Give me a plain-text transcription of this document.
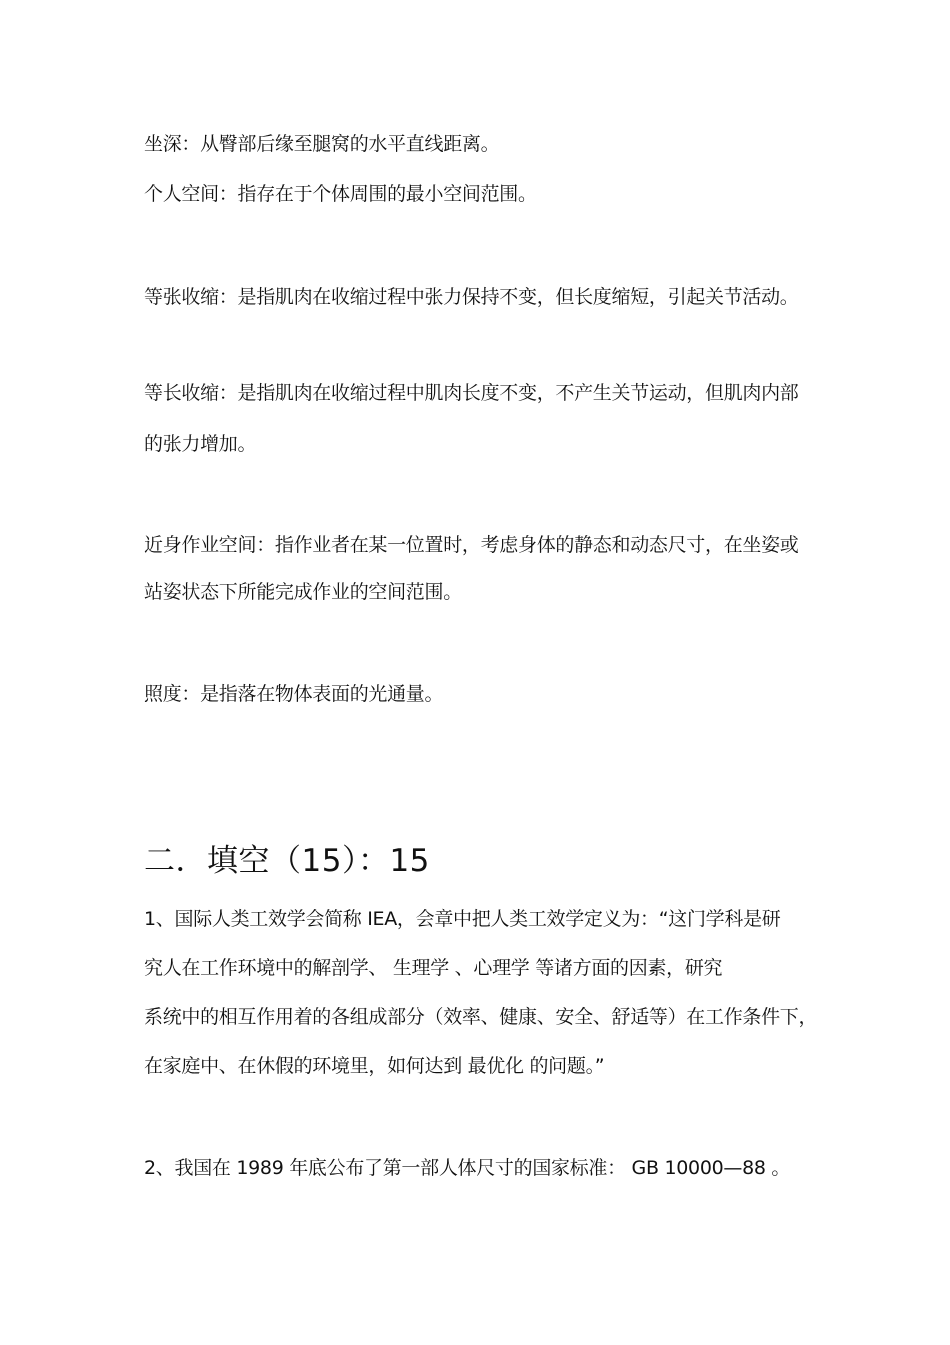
坐深：从臀部后缘至腿窝的水平直线距离。
个人空间：指存在于个体周围的最小空间范围。
等张收缩：是指肌肉在收缩过程中张力保持不变，但长度缩短，引起关节活动。
等长收缩：是指肌肉在收缩过程中肌肉长度不变，不产生关节运动，但肌肉内部
的张力增加。
近身作业空间：指作业者在某一位置时，考虑身体的静态和动态尺寸，在坐姿或
站姿状态下所能完成作业的空间范围。
照度：是指落在物体表面的光通量。
二．填空（15）：15
1、国际人类工效学会简称 IEA，会章中把人类工效学定义为：“这门学科是研
究人在工作环境中的解剖学、 生理学 、心理学 等诸方面的因素，研究
系统中的相互作用着的各组成部分（效率、健康、安全、舒适等）在工作条件下，
在家庭中、在休假的环境里，如何达到 最优化 的问题。”
2、我国在 1989 年底公布了第一部人体尺寸的国家标准： GB 10000—88 。
